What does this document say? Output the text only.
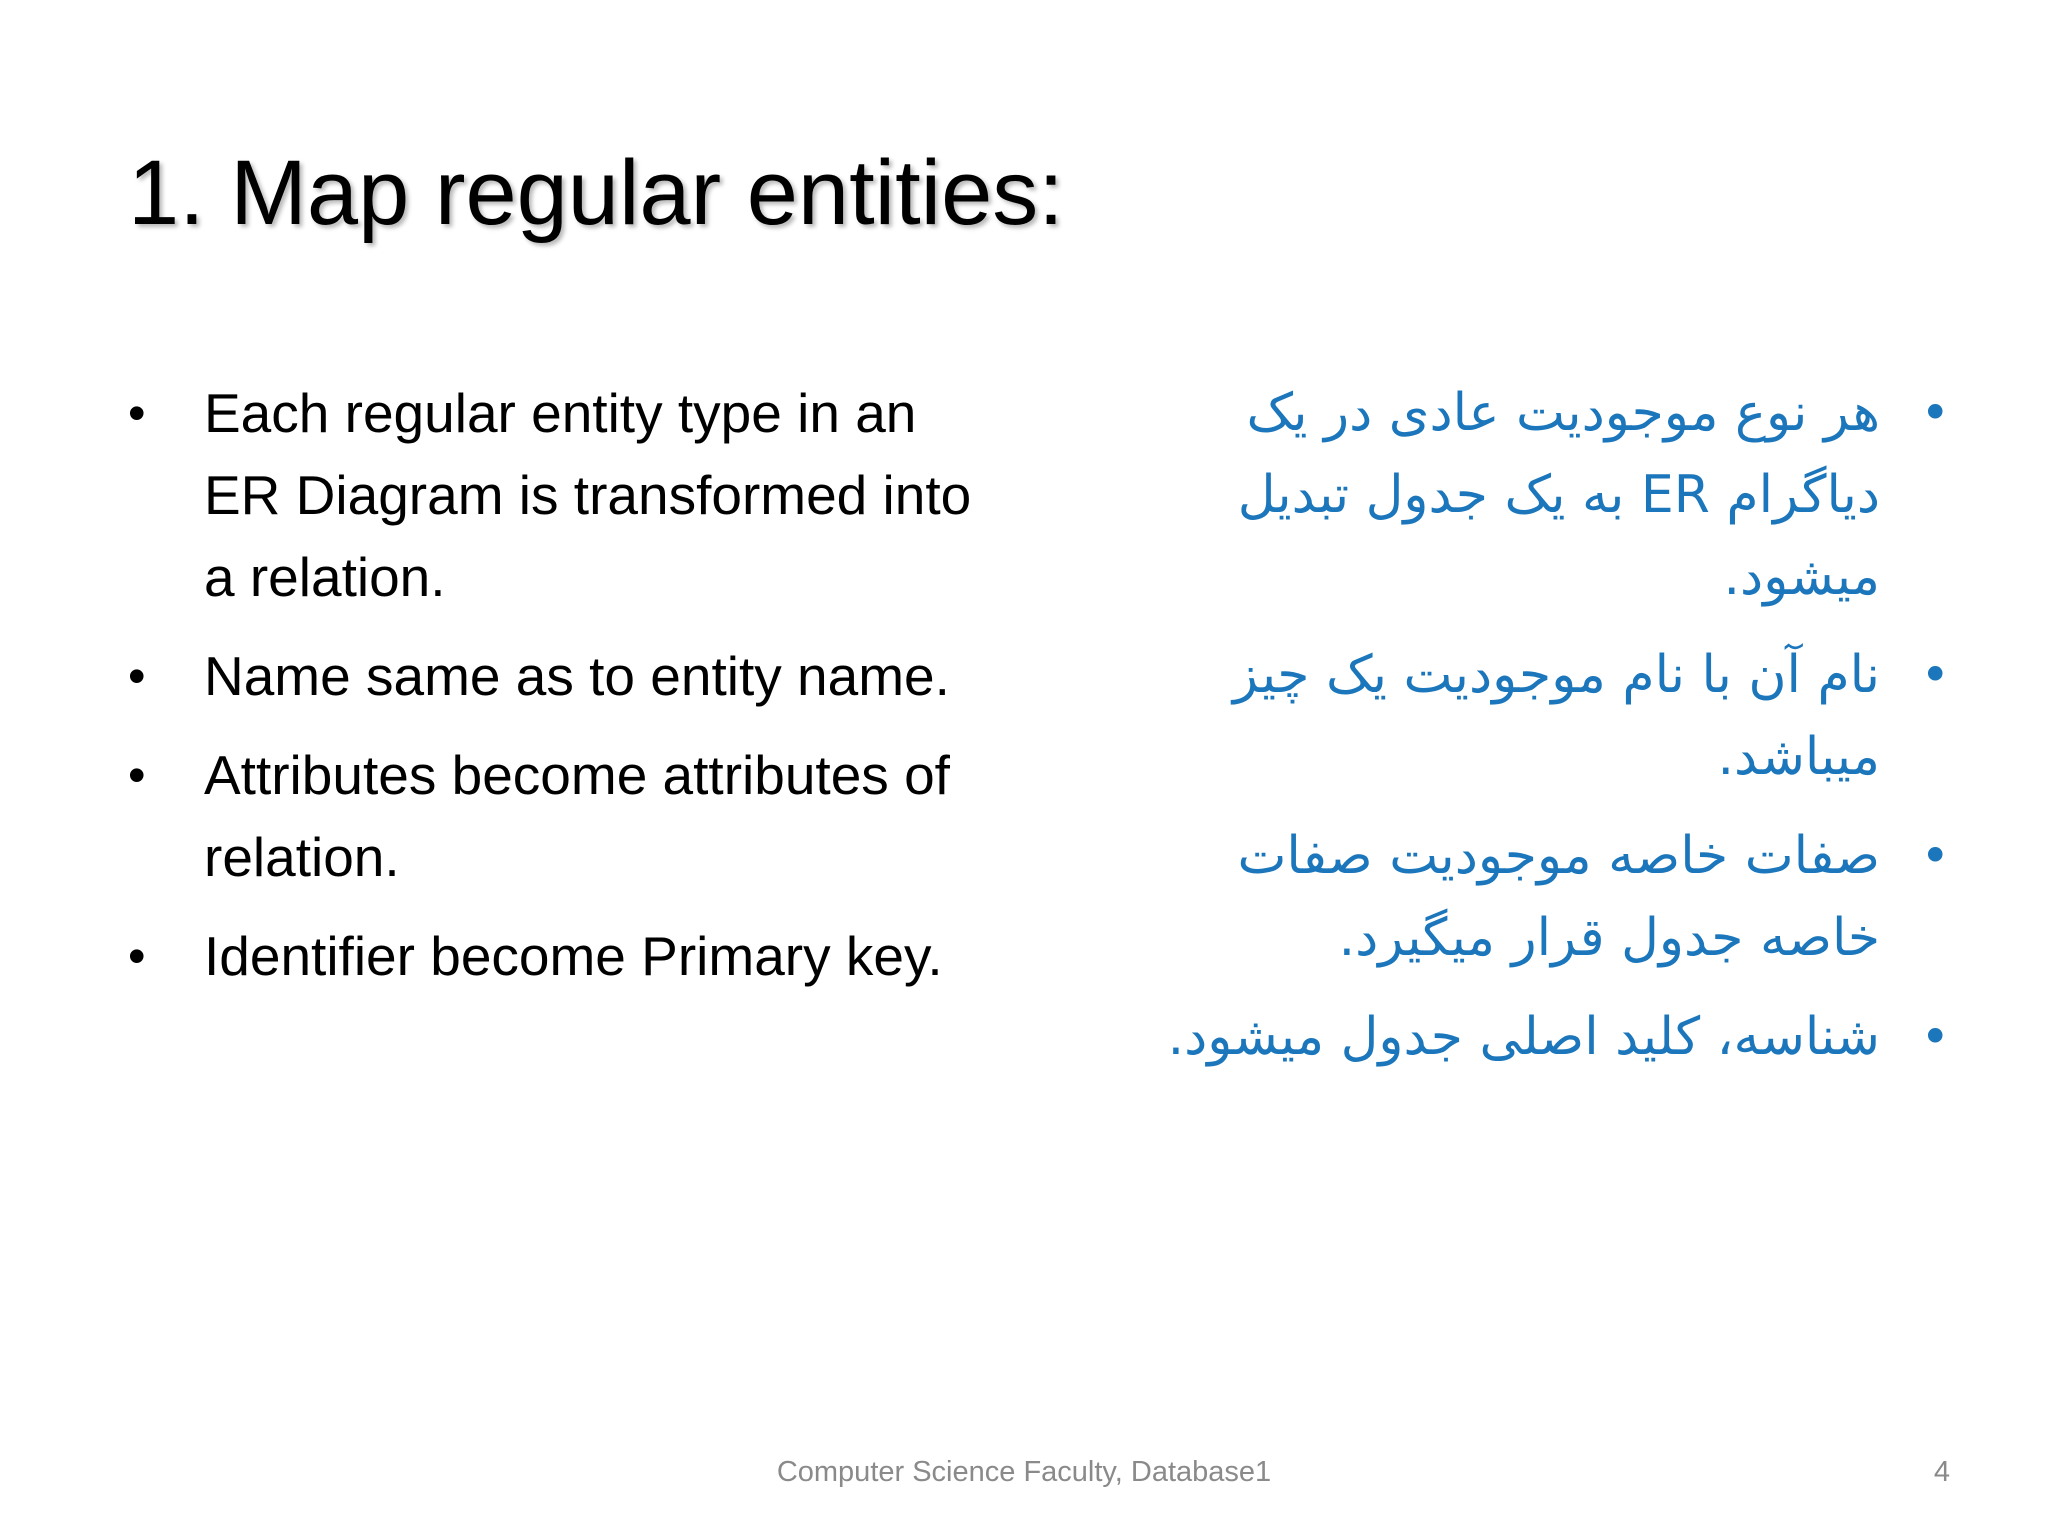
1. Map regular entities:
• Each regular entity type in an ER Diagram is transformed into a relation.
• Name same as to entity name.
• Attributes become attributes of relation.
• Identifier become Primary key.
•
هر نوع موجودیت عادی در یک دیاگرام ER به یک جدول تبدیل میشود.
•
نام آن با نام موجودیت یک چیز میباشد.
•
صفات خاصه موجودیت صفات خاصه جدول قرار میگیرد.
•
شناسه، کلید اصلی جدول میشود.
Computer Science Faculty, Database1	4
